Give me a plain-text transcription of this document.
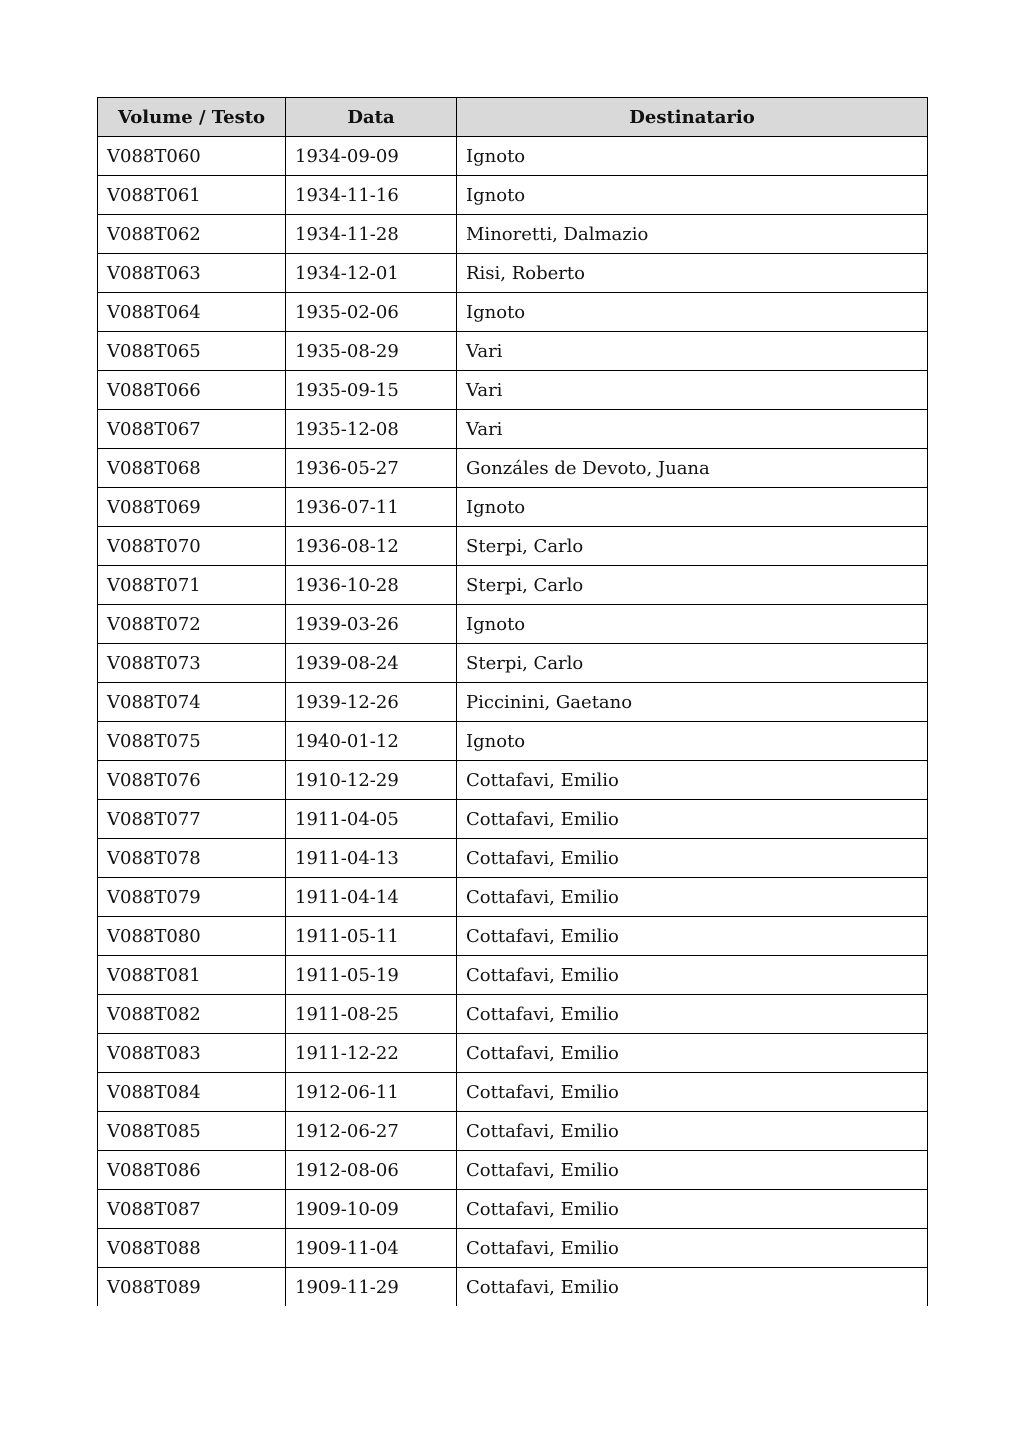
Volume / Testo	Data	Destinatario
V088T060	1934-09-09	Ignoto
V088T061	1934-11-16	Ignoto
V088T062	1934-11-28	Minoretti, Dalmazio
V088T063	1934-12-01	Risi, Roberto
V088T064	1935-02-06	Ignoto
V088T065	1935-08-29	Vari
V088T066	1935-09-15	Vari
V088T067	1935-12-08	Vari
V088T068	1936-05-27	Gonzáles de Devoto, Juana
V088T069	1936-07-11	Ignoto
V088T070	1936-08-12	Sterpi, Carlo
V088T071	1936-10-28	Sterpi, Carlo
V088T072	1939-03-26	Ignoto
V088T073	1939-08-24	Sterpi, Carlo
V088T074	1939-12-26	Piccinini, Gaetano
V088T075	1940-01-12	Ignoto
V088T076	1910-12-29	Cottafavi, Emilio
V088T077	1911-04-05	Cottafavi, Emilio
V088T078	1911-04-13	Cottafavi, Emilio
V088T079	1911-04-14	Cottafavi, Emilio
V088T080	1911-05-11	Cottafavi, Emilio
V088T081	1911-05-19	Cottafavi, Emilio
V088T082	1911-08-25	Cottafavi, Emilio
V088T083	1911-12-22	Cottafavi, Emilio
V088T084	1912-06-11	Cottafavi, Emilio
V088T085	1912-06-27	Cottafavi, Emilio
V088T086	1912-08-06	Cottafavi, Emilio
V088T087	1909-10-09	Cottafavi, Emilio
V088T088	1909-11-04	Cottafavi, Emilio
V088T089	1909-11-29	Cottafavi, Emilio
